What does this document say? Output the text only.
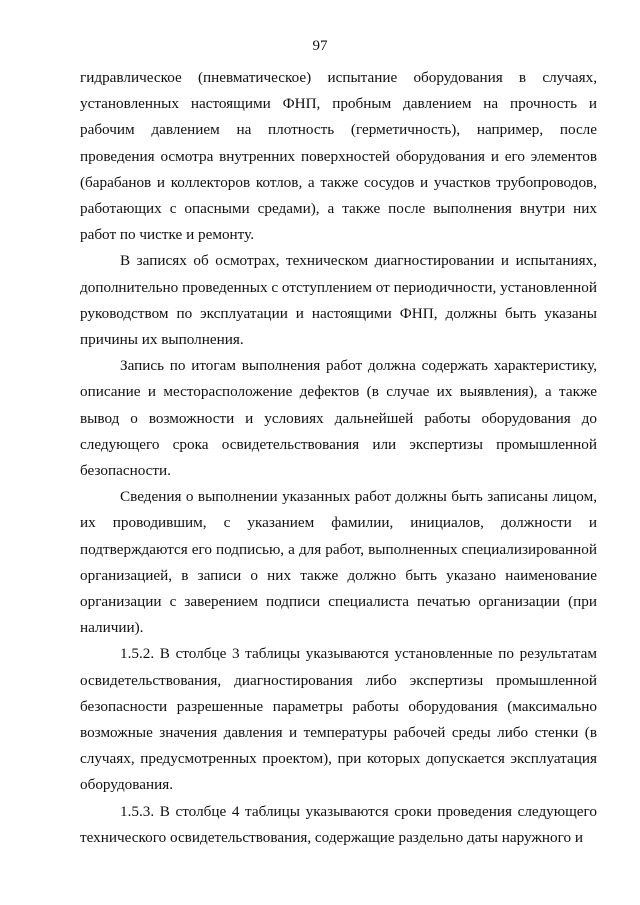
97

гидравлическое (пневматическое) испытание оборудования в случаях, установленных настоящими ФНП, пробным давлением на прочность и рабочим давлением на плотность (герметичность), например, после проведения осмотра внутренних поверхностей оборудования и его элементов (барабанов и коллекторов котлов, а также сосудов и участков трубопроводов, работающих с опасными средами), а также после выполнения внутри них работ по чистке и ремонту.

В записях об осмотрах, техническом диагностировании и испытаниях, дополнительно проведенных с отступлением от периодичности, установленной руководством по эксплуатации и настоящими ФНП, должны быть указаны причины их выполнения.

Запись по итогам выполнения работ должна содержать характеристику, описание и месторасположение дефектов (в случае их выявления), а также вывод о возможности и условиях дальнейшей работы оборудования до следующего срока освидетельствования или экспертизы промышленной безопасности.

Сведения о выполнении указанных работ должны быть записаны лицом, их проводившим, с указанием фамилии, инициалов, должности и подтверждаются его подписью, а для работ, выполненных специализированной организацией, в записи о них также должно быть указано наименование организации с заверением подписи специалиста печатью организации (при наличии).

1.5.2. В столбце 3 таблицы указываются установленные по результатам освидетельствования, диагностирования либо экспертизы промышленной безопасности разрешенные параметры работы оборудования (максимально возможные значения давления и температуры рабочей среды либо стенки (в случаях, предусмотренных проектом), при которых допускается эксплуатация оборудования.

1.5.3. В столбце 4 таблицы указываются сроки проведения следующего технического освидетельствования, содержащие раздельно даты наружного и
